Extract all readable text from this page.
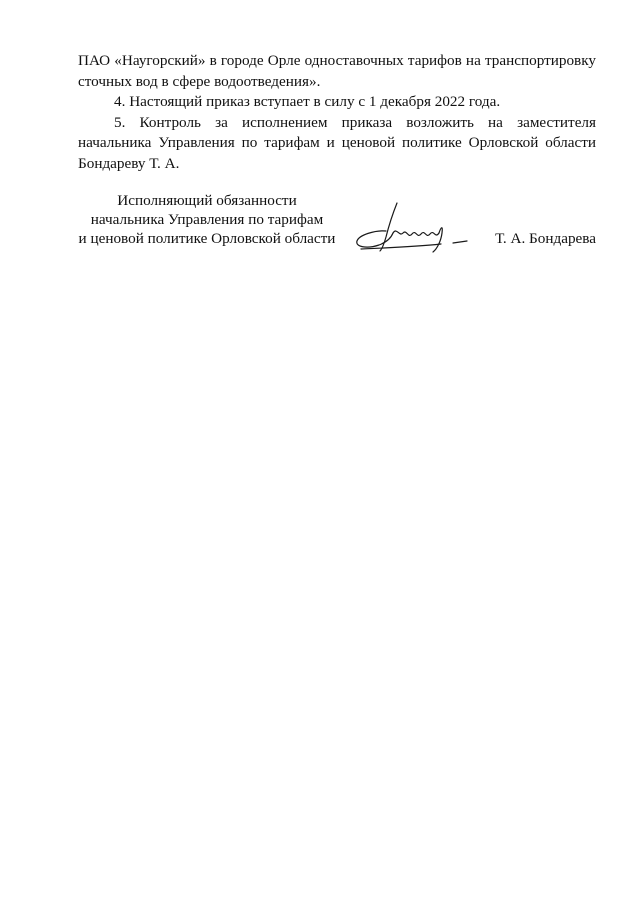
ПАО «Наугорский» в городе Орле одноставочных тарифов на транспортировку сточных вод в сфере водоотведения».

4. Настоящий приказ вступает в силу с 1 декабря 2022 года.

5. Контроль за исполнением приказа возложить на заместителя начальника Управления по тарифам и ценовой политике Орловской области Бондареву Т. А.

Исполняющий обязанности
начальника Управления по тарифам
и ценовой политике Орловской области	Т. А. Бондарева
